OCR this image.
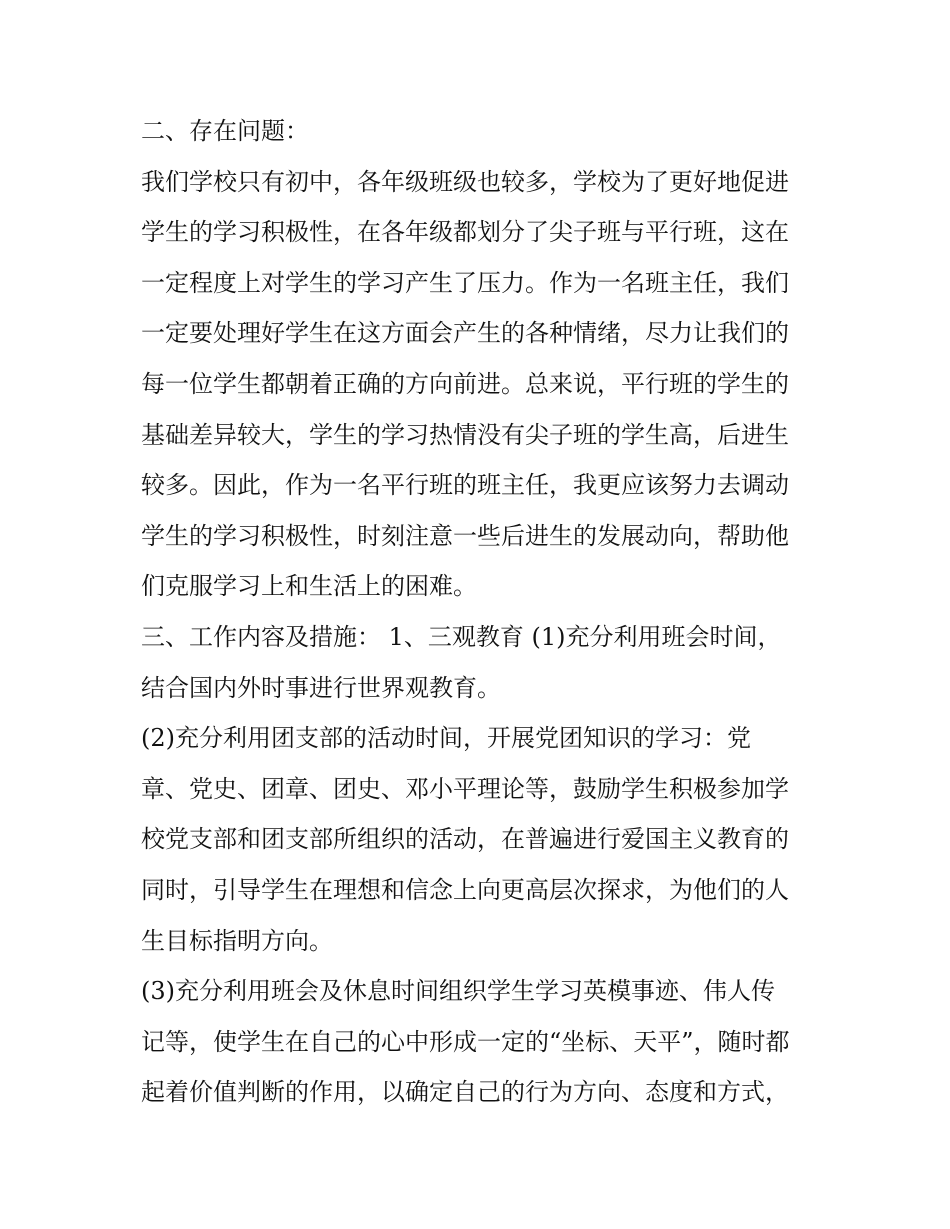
二、存在问题：
我们学校只有初中，各年级班级也较多，学校为了更好地促进
学生的学习积极性，在各年级都划分了尖子班与平行班，这在
一定程度上对学生的学习产生了压力。作为一名班主任，我们
一定要处理好学生在这方面会产生的各种情绪，尽力让我们的
每一位学生都朝着正确的方向前进。总来说，平行班的学生的
基础差异较大，学生的学习热情没有尖子班的学生高，后进生
较多。因此，作为一名平行班的班主任，我更应该努力去调动
学生的学习积极性，时刻注意一些后进生的发展动向，帮助他
们克服学习上和生活上的困难。
三、工作内容及措施： 1、三观教育 (1)充分利用班会时间，
结合国内外时事进行世界观教育。
(2)充分利用团支部的活动时间，开展党团知识的学习：党
章、党史、团章、团史、邓小平理论等，鼓励学生积极参加学
校党支部和团支部所组织的活动，在普遍进行爱国主义教育的
同时，引导学生在理想和信念上向更高层次探求，为他们的人
生目标指明方向。
(3)充分利用班会及休息时间组织学生学习英模事迹、伟人传
记等，使学生在自己的心中形成一定的“坐标、天平”，随时都
起着价值判断的作用，以确定自己的行为方向、态度和方式，
